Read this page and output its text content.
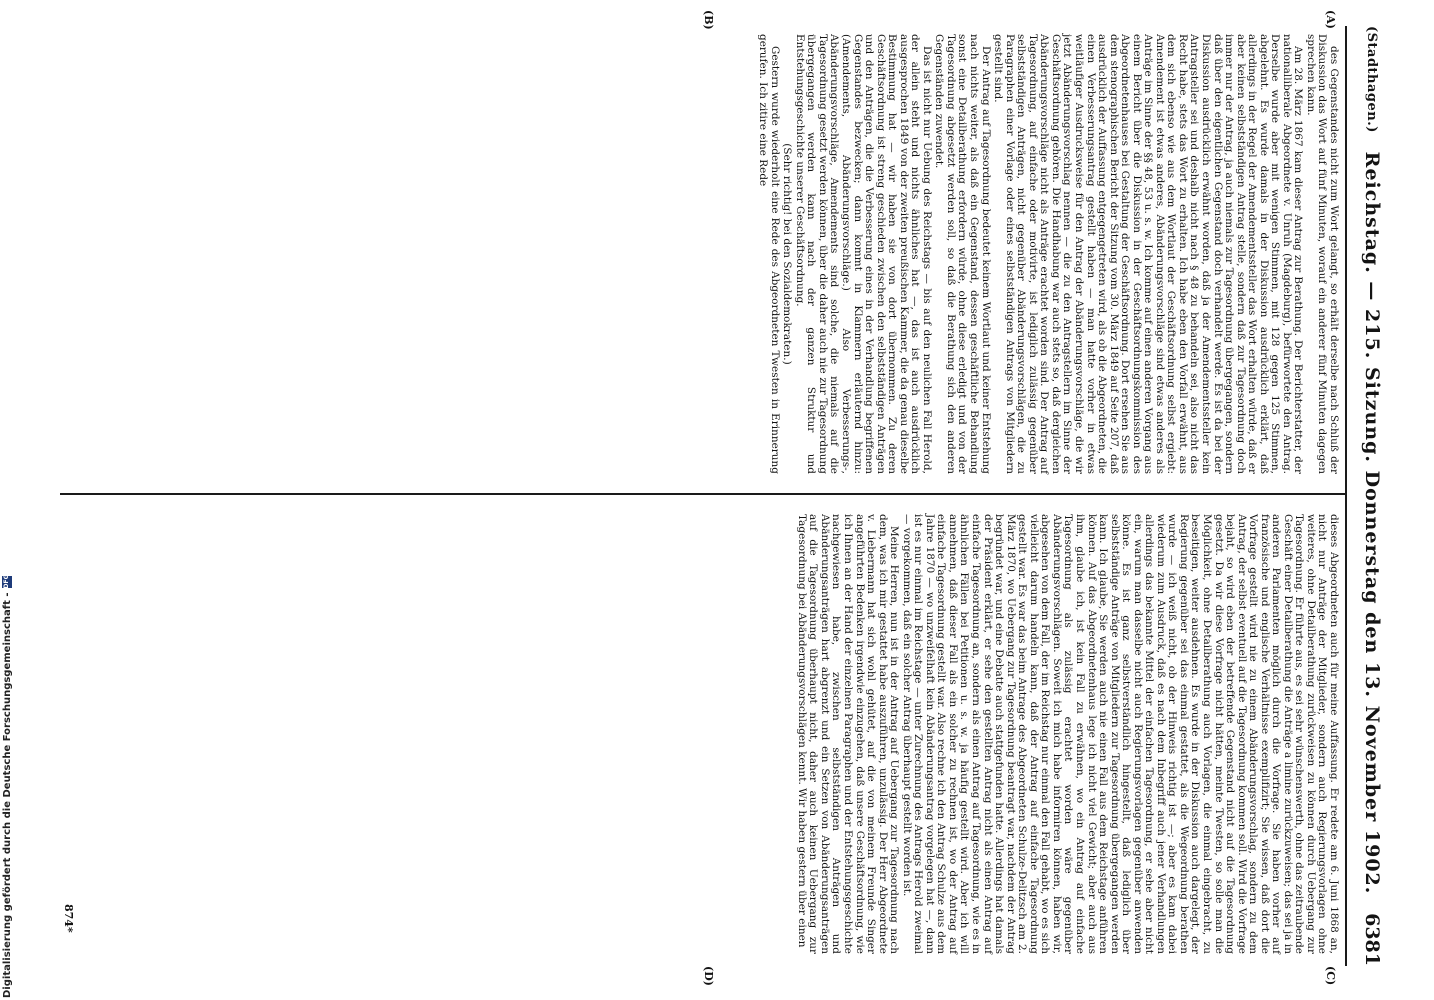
(Stadthagen.)
Reichstag. — 215. Sitzung. Donnerstag den 13. November 1902.
6381
(A)
(B)
(C)
(D)

des Gegenstandes nicht zum Wort gelangt, so erhält derselbe nach Schluß der Diskussion das Wort auf fünf Minuten, worauf ein anderer fünf Minuten dagegen sprechen kann.

Am 28. März 1867 kam dieser Antrag zur Berathung. Der Berichterstatter, der nationalliberale Abgeordnete v. Unruh (Magdeburg), befürwortete den Antrag. Derselbe wurde aber mit wenigen Stimmen, mit 128 gegen 125 Stimmen, abgelehnt. Es wurde damals in der Diskussion ausdrücklich erklärt, daß allerdings in der Regel der Amendementssteller das Wort erhalten würde, daß er aber keinen selbstständigen Antrag stelle, sondern daß zur Tagesordnung doch immer nur der Antrag, ja auch niemals zur Tagesordnung übergegangen, sondern daß über den eigentlichen Gegenstand doch verhandelt werde. Es ist da bei der Diskussion ausdrücklich erwähnt worden, daß ja der Amendementssteller kein Antragsteller sei und deshalb nicht nach § 48 zu behandeln sei, also nicht das Recht habe, stets das Wort zu erhalten. Ich habe eben den Vorfall erwähnt, aus dem sich ebenso wie aus dem Wortlaut der Geschäftsordnung selbst ergiebt: Amendement ist etwas anderes, Abänderungsvorschläge sind etwas anderes als Anträge im Sinne der §§ 48, 53 u. s. w. Ich komme auf einen anderen Vorgang aus einem Bericht über die Diskussion in der Geschäftsordnungskommission des Abgeordnetenhauses bei Gestaltung der Geschäftsordnung. Dort ersehen Sie aus dem stenographischen Bericht der Sitzung vom 30. März 1849 auf Seite 207, daß ausdrücklich der Auffassung entgegengetreten wird, als ob die Abgeordneten, die einen Verbesserungsantrag gestellt haben — man hatte vorher in etwas weitläufiger Ausdrucksweise für den Antrag der Abänderungsvorschläge, die wir jetzt Abänderungsvorschlag nennen — die zu den Antragstellern im Sinne der Geschäftsordnung gehören. Die Handhabung war auch stets so, daß dergleichen Abänderungsvorschläge nicht als Anträge erachtet worden sind. Der Antrag auf Tagesordnung, auf einfache oder motivirte, ist lediglich zulässig gegenüber selbstständigen Anträgen, nicht gegenüber Abänderungsvorschlägen, die zu Paragraphen einer Vorlage oder eines selbstständigen Antrags von Mitgliedern gestellt sind.

Der Antrag auf Tagesordnung bedeutet keinem Wortlaut und keiner Entstehung nach nichts weiter, als daß ein Gegenstand, dessen geschäftliche Behandlung sonst eine Detailberathung erfordern würde, ohne diese erledigt und von der Tagesordnung abgesetzt werden soll, so daß die Berathung sich den anderen Gegenständen zuwendet.

Das ist nicht nur Uebung des Reichstags — bis auf den neulichen Fall Herold, der allein steht und nichts ähnliches hat —, das ist auch ausdrücklich ausgesprochen 1849 von der zweiten preußischen Kammer, die da genau dieselbe Bestimmung hat — wir haben sie von dort übernommen. Zu deren Geschäftsordnung ist streng geschieden zwischen den selbstständigen Anträgen und den Anträgen, die die Verbesserung eines in der Verhandlung begriffenen Gegenstandes bezwecken; dann kommt in Klammern erläuternd hinzu: (Amendements, Abänderungsvorschläge.) Also Verbesserungs-, Abänderungsvorschläge, Amendements sind solche, die niemals auf die Tagesordnung gesetzt werden können, über die daher auch nie zur Tagesordnung übergegangen werden kann nach der ganzen Struktur und Entstehungsgeschichte unserer Geschäftsordnung.

(Sehr richtig! bei den Sozialdemokraten.)

Gestern wurde wiederholt eine Rede des Abgeordneten Twesten in Erinnerung gerufen. Ich zitire eine Rede

dieses Abgeordneten auch für meine Auffassung. Er redete am 6. Juni 1868 an, nicht nur Anträge der Mitglieder, sondern auch Regierungsvorlagen ohne weiteres, ohne Detailberathung zurückweisen zu können durch Uebergang zur Tagesordnung. Er führte aus, es sei sehr wünschenswerth, ohne das zeitraubende Geschäft einer Detailberathung die Anträge a limine zurückzuweisen; das sei ja in anderen Parlamenten möglich durch die Vorfrage. Sie haben vorher auf französische und englische Verhältnisse exemplifizirt; Sie wissen, daß dort die Vorfrage gestellt wird nie zu einem Abänderungsvorschlag, sondern zu dem Antrag, der selbst eventuell auf die Tagesordnung kommen soll. Wird die Vorfrage bejaht, so wird eben der betreffende Gegenstand nicht auf die Tagesordnung gesetzt. Da wir diese Vorfrage nicht hätten, meinte Twesten, so solle man die Möglichkeit, ohne Detailberathung auch Vorlagen, die einmal eingebracht, zu beseitigen, weiter ausdehnen. Es wurde in der Diskussion auch dargelegt, der Regierung gegenüber sei das einmal gestattet, als die Wegeordnung berathen wurde — ich weiß nicht, ob der Hinweis richtig ist —; aber es kam dabei wiederum zum Ausdruck, daß es nach dem Inbegriff auch jener Verhandlungen allerdings das bekannte Mittel der einfachen Tagesordnung, er sehe aber nicht ein, warum man dasselbe nicht auch Regierungsvorlagen gegenüber anwenden könne. Es ist ganz selbstverständlich hingestellt, daß lediglich über selbstständige Anträge von Mitgliedern zur Tagesordnung übergegangen werden kann. Ich glaube, Sie werden auch nie einen Fall aus dem Reichstage anführen können. Auf das Abgeordnetenhaus lege ich nicht viel Gewicht; aber auch aus ihm, glaube ich, ist kein Fall zu erwähnen, wo ein Antrag auf einfache Tagesordnung als zulässig erachtet worden wäre gegenüber Abänderungsvorschlägen. Soweit ich mich habe informiren können, haben wir, abgesehen von dem Fall, der im Reichstag nur einmal den Fall gehabt, wo es sich vielleicht darum handeln kann, daß der Antrag auf einfache Tagesordnung gestellt war. Es war das beim Antrage des Abgeordneten Schulze-Delitzsch am 2. März 1870, wo Uebergang zur Tagesordnung beantragt war, nachdem der Antrag begründet war, und eine Debatte auch stattgefunden hatte. Allerdings hat damals der Präsident erklärt, er sehe den gestellten Antrag nicht als einen Antrag auf einfache Tagesordnung an, sondern als einen Antrag auf Tagesordnung, wie es in ähnlichen Fällen bei Petitionen u. s. w. ja häufig gestellt wird. Aber ich will annehmen, daß dieser Fall als ein solcher zu rechnen ist, wo der Antrag auf einfache Tagesordnung gestellt war. Also rechne ich den Antrag Schulze aus dem Jahre 1870 — wo unzweifelhaft kein Abänderungsantrag vorgelegen hat —, dann ist es nur einmal im Reichstage — unter Zurechnung des Antrags Herold zweimal — vorgekommen, daß ein solcher Antrag überhaupt gestellt worden ist.

Meine Herren, nun ist in der Antrag auf Uebergang zur Tagesordnung nach dem, was ich mir gestattet habe auszuführen, unzulässig. Der Herr Abgeordnete v. Liebermann hat sich wohl gehütet, auf die von meinem Freunde Singer angeführten Bedenken irgendwie einzugehen, daß unsere Geschäftsordnung, wie ich Ihnen an der Hand der einzelnen Paragraphen und der Entstehungsgeschichte nachgewiesen habe, zwischen selbstständigen Anträgen und Abänderungsanträgen hart abgrenzt und ein Setzen von Abänderungsanträgen auf die Tagesordnung überhaupt nicht, daher auch keinen Uebergang zur Tagesordnung bei Abänderungsvorschlägen kennt. Wir haben gestern über einen

874*
Digitalisierung gefördert durch die Deutsche Forschungsgemeinschaft -
DFG
